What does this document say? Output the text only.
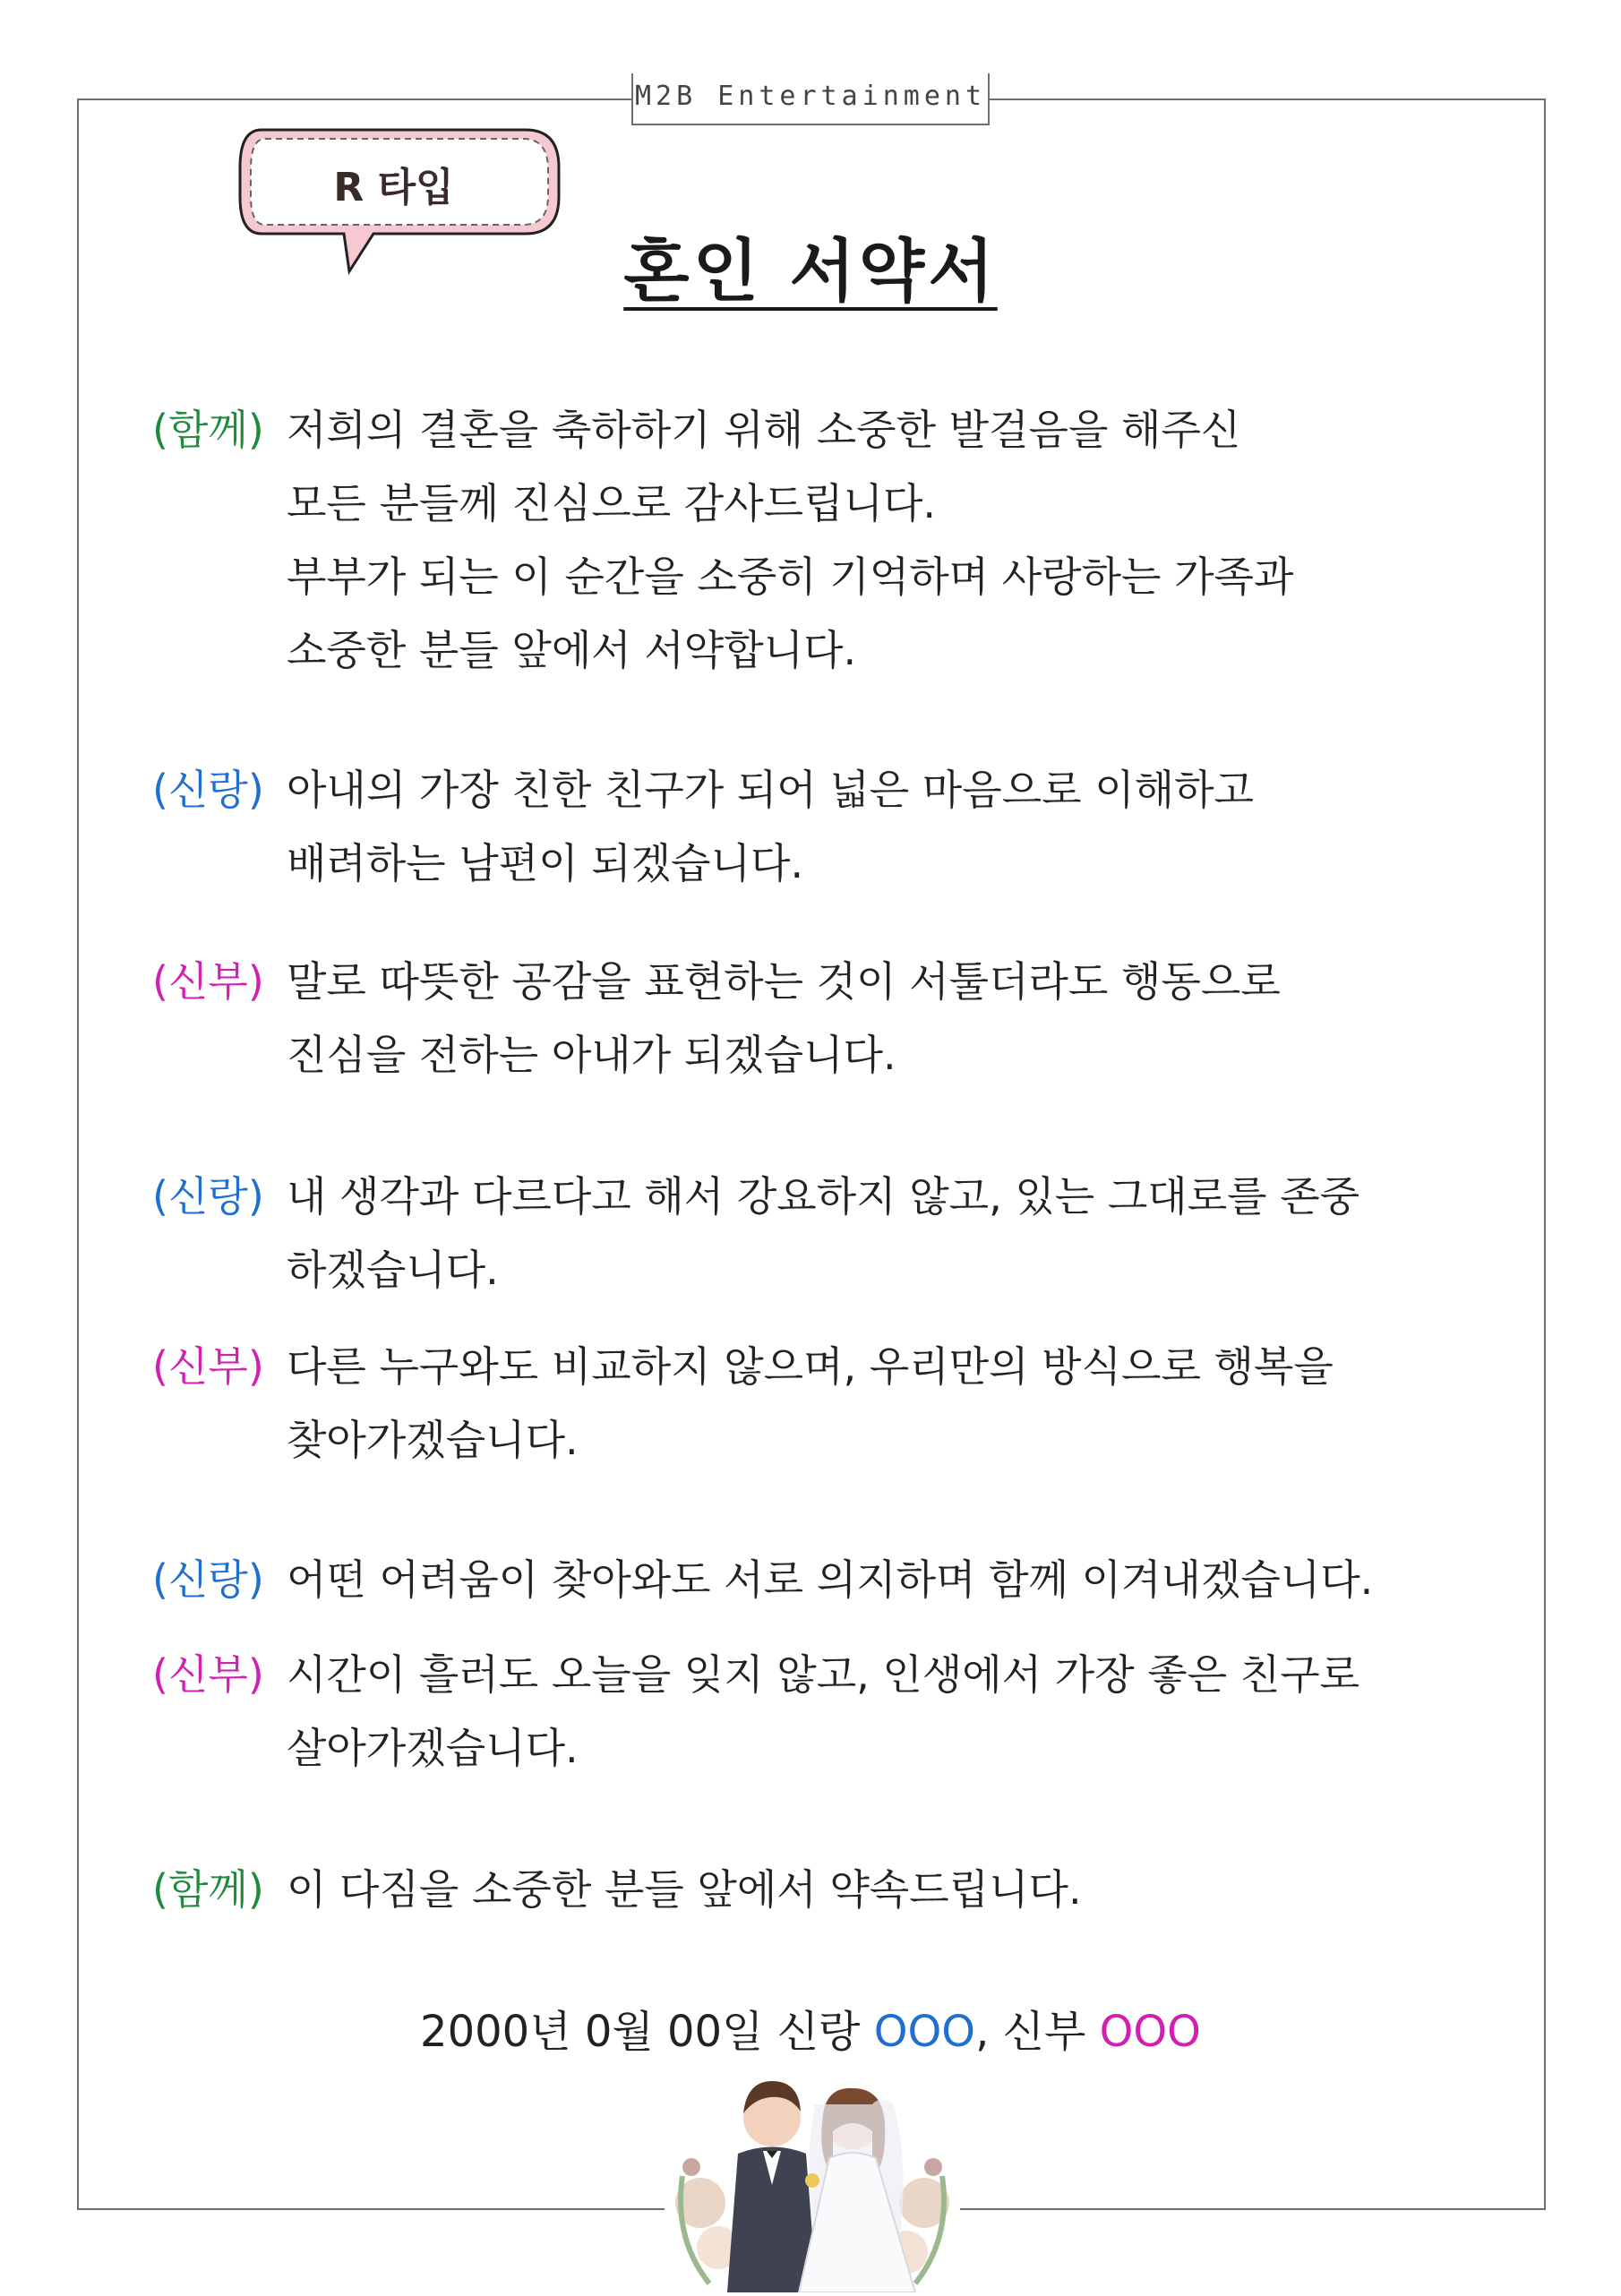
M2B Entertainment
R 타입
혼인 서약서
(함께) 저희의 결혼을 축하하기 위해 소중한 발걸음을 해주신
모든 분들께 진심으로 감사드립니다.
부부가 되는 이 순간을 소중히 기억하며 사랑하는 가족과
소중한 분들 앞에서 서약합니다.
(신랑) 아내의 가장 친한 친구가 되어 넓은 마음으로 이해하고
배려하는 남편이 되겠습니다.
(신부) 말로 따뜻한 공감을 표현하는 것이 서툴더라도 행동으로
진심을 전하는 아내가 되겠습니다.
(신랑) 내 생각과 다르다고 해서 강요하지 않고, 있는 그대로를 존중
하겠습니다.
(신부) 다른 누구와도 비교하지 않으며, 우리만의 방식으로 행복을
찾아가겠습니다.
(신랑) 어떤 어려움이 찾아와도 서로 의지하며 함께 이겨내겠습니다.
(신부) 시간이 흘러도 오늘을 잊지 않고, 인생에서 가장 좋은 친구로
살아가겠습니다.
(함께) 이 다짐을 소중한 분들 앞에서 약속드립니다.
2000년 0월 00일 신랑 OOO, 신부 OOO
